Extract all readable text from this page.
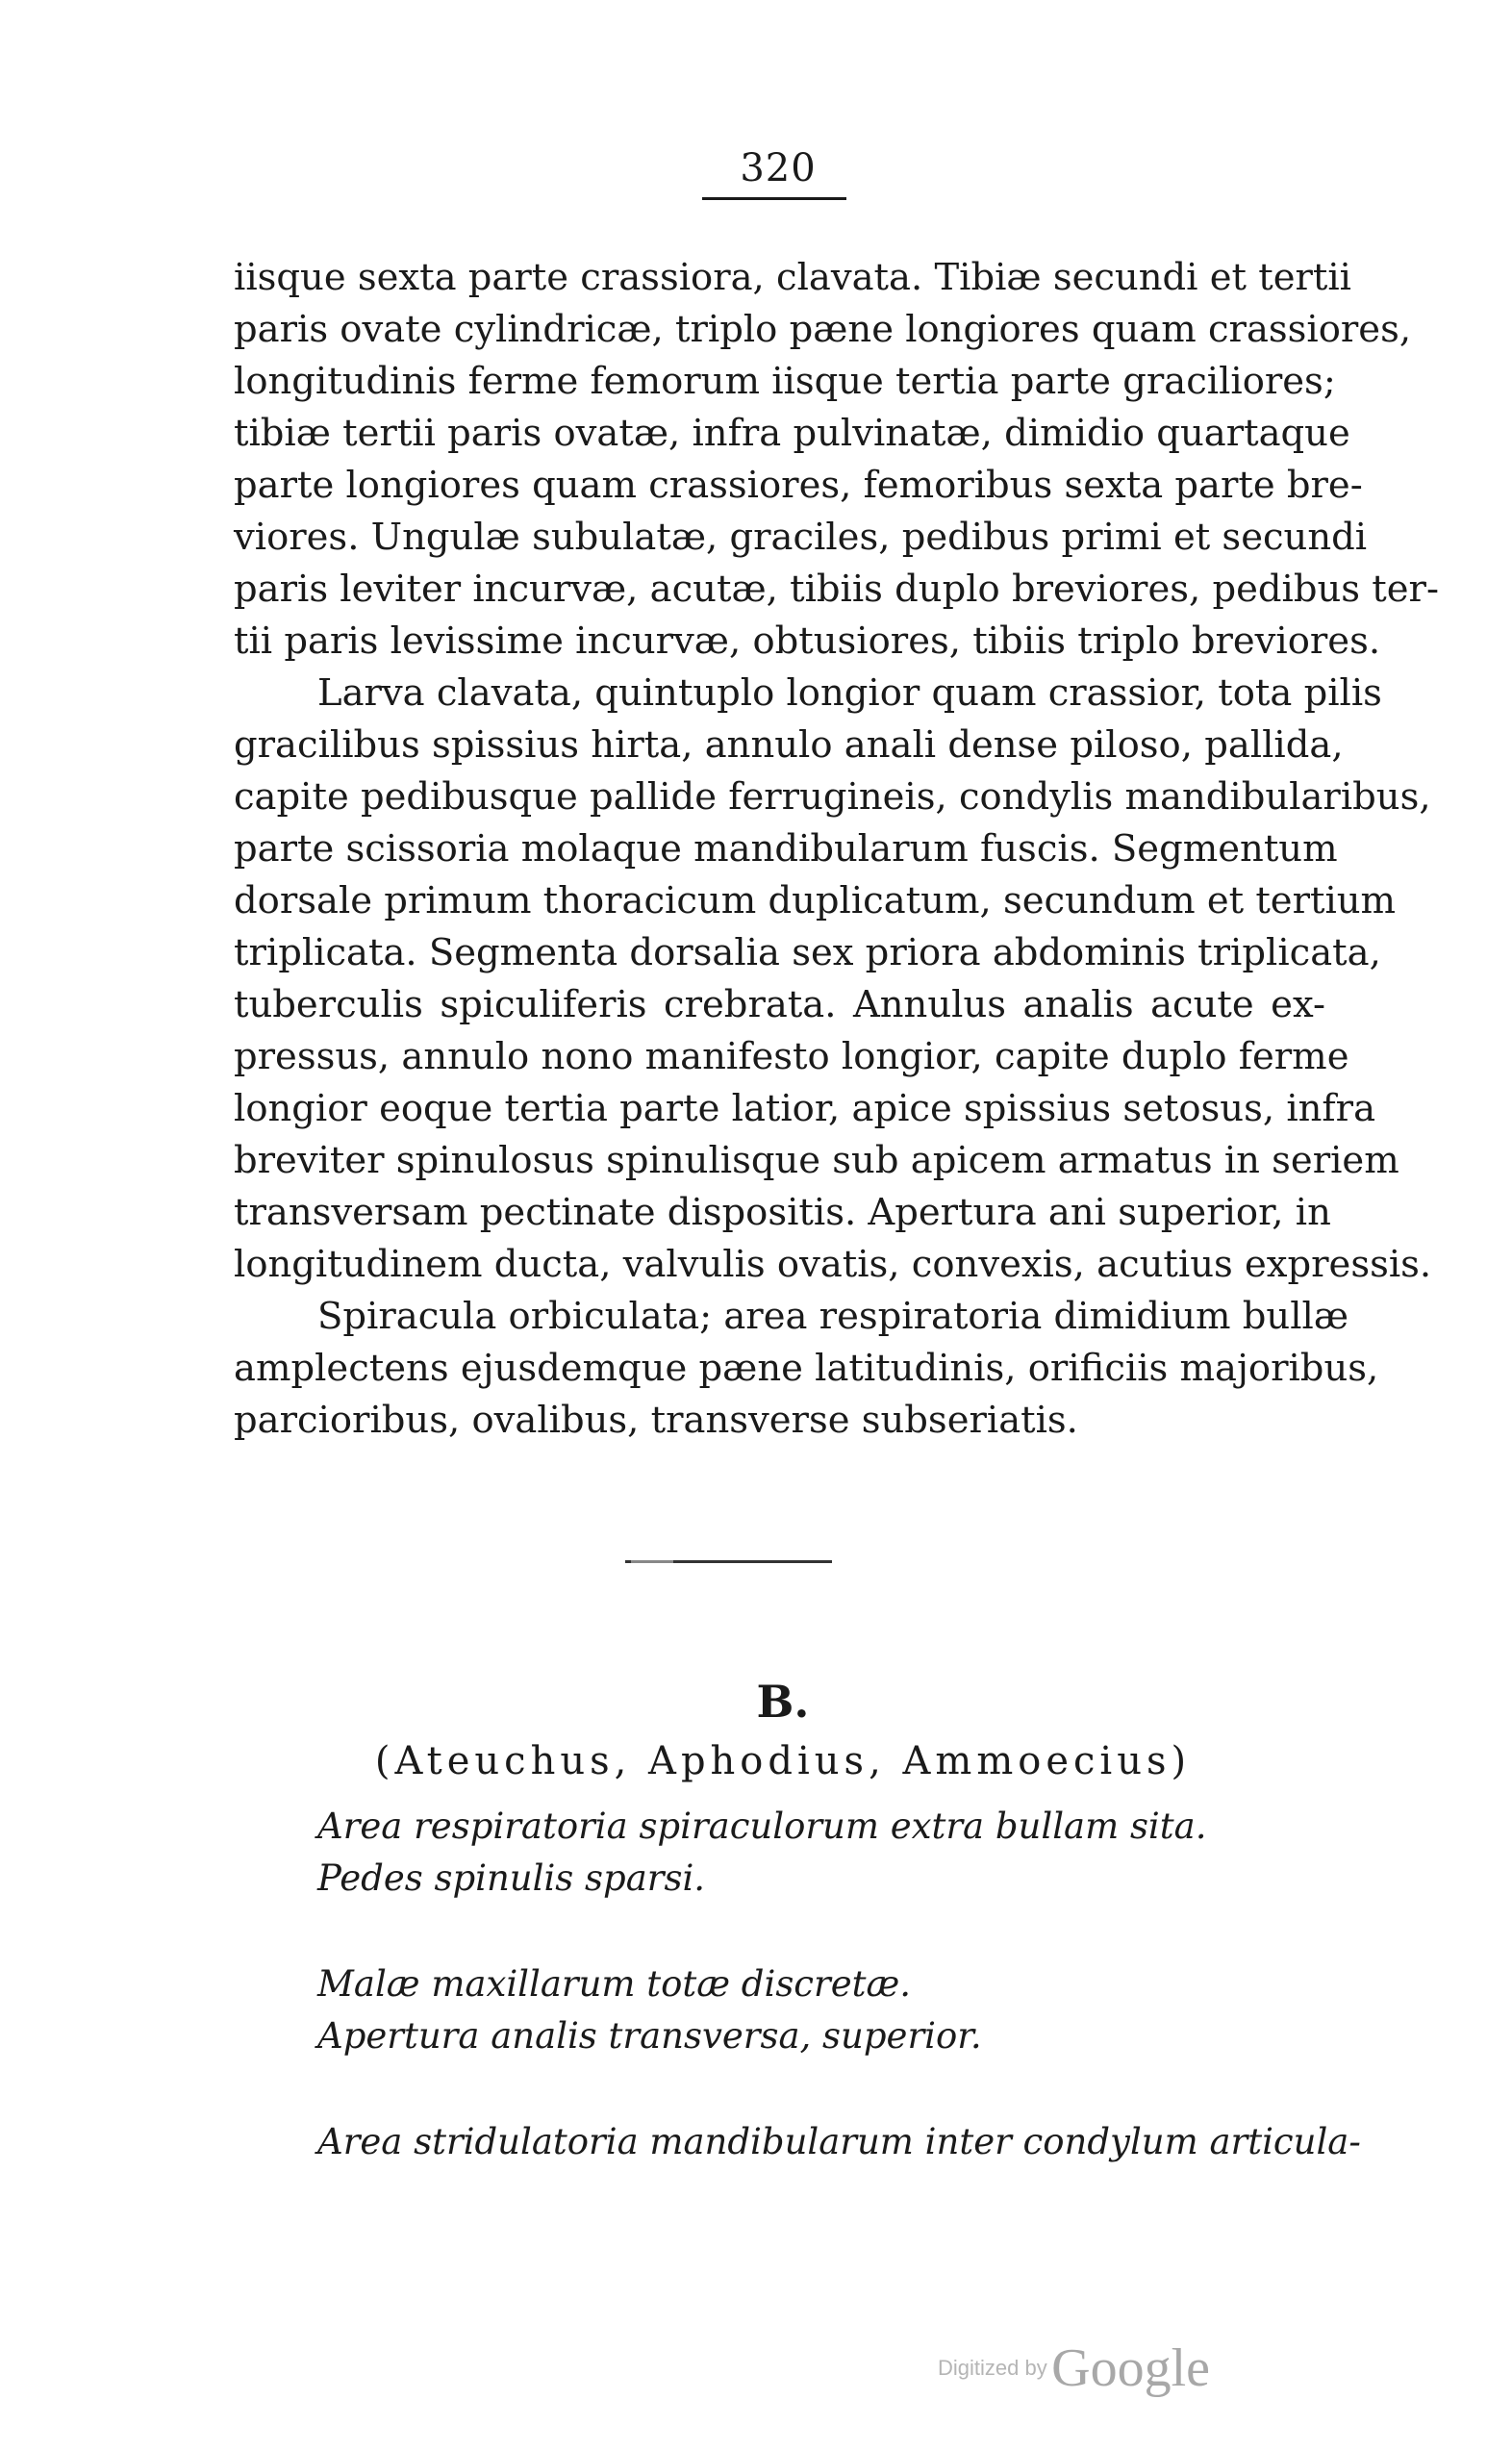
320
iisque sexta parte crassiora, clavata. Tibiæ secundi et tertii
paris ovate cylindricæ, triplo pæne longiores quam crassiores,
longitudinis ferme femorum iisque tertia parte graciliores;
tibiæ tertii paris ovatæ, infra pulvinatæ, dimidio quartaque
parte longiores quam crassiores, femoribus sexta parte bre-
viores. Ungulæ subulatæ, graciles, pedibus primi et secundi
paris leviter incurvæ, acutæ, tibiis duplo breviores, pedibus ter-
tii paris levissime incurvæ, obtusiores, tibiis triplo breviores.
Larva clavata, quintuplo longior quam crassior, tota pilis
gracilibus spissius hirta, annulo anali dense piloso, pallida,
capite pedibusque pallide ferrugineis, condylis mandibularibus,
parte scissoria molaque mandibularum fuscis. Segmentum
dorsale primum thoracicum duplicatum, secundum et tertium
triplicata. Segmenta dorsalia sex priora abdominis triplicata,
tuberculis spiculiferis crebrata. Annulus analis acute ex-
pressus, annulo nono manifesto longior, capite duplo ferme
longior eoque tertia parte latior, apice spissius setosus, infra
breviter spinulosus spinulisque sub apicem armatus in seriem
transversam pectinate dispositis. Apertura ani superior, in
longitudinem ducta, valvulis ovatis, convexis, acutius expressis.
Spiracula orbiculata; area respiratoria dimidium bullæ
amplectens ejusdemque pæne latitudinis, orificiis majoribus,
parcioribus, ovalibus, transverse subseriatis.
B.
(Ateuchus, Aphodius, Ammoecius)
Area respiratoria spiraculorum extra bullam sita.
Pedes spinulis sparsi.
Malæ maxillarum totæ discretæ.
Apertura analis transversa, superior.
Area stridulatoria mandibularum inter condylum articula-
Digitized by Google
